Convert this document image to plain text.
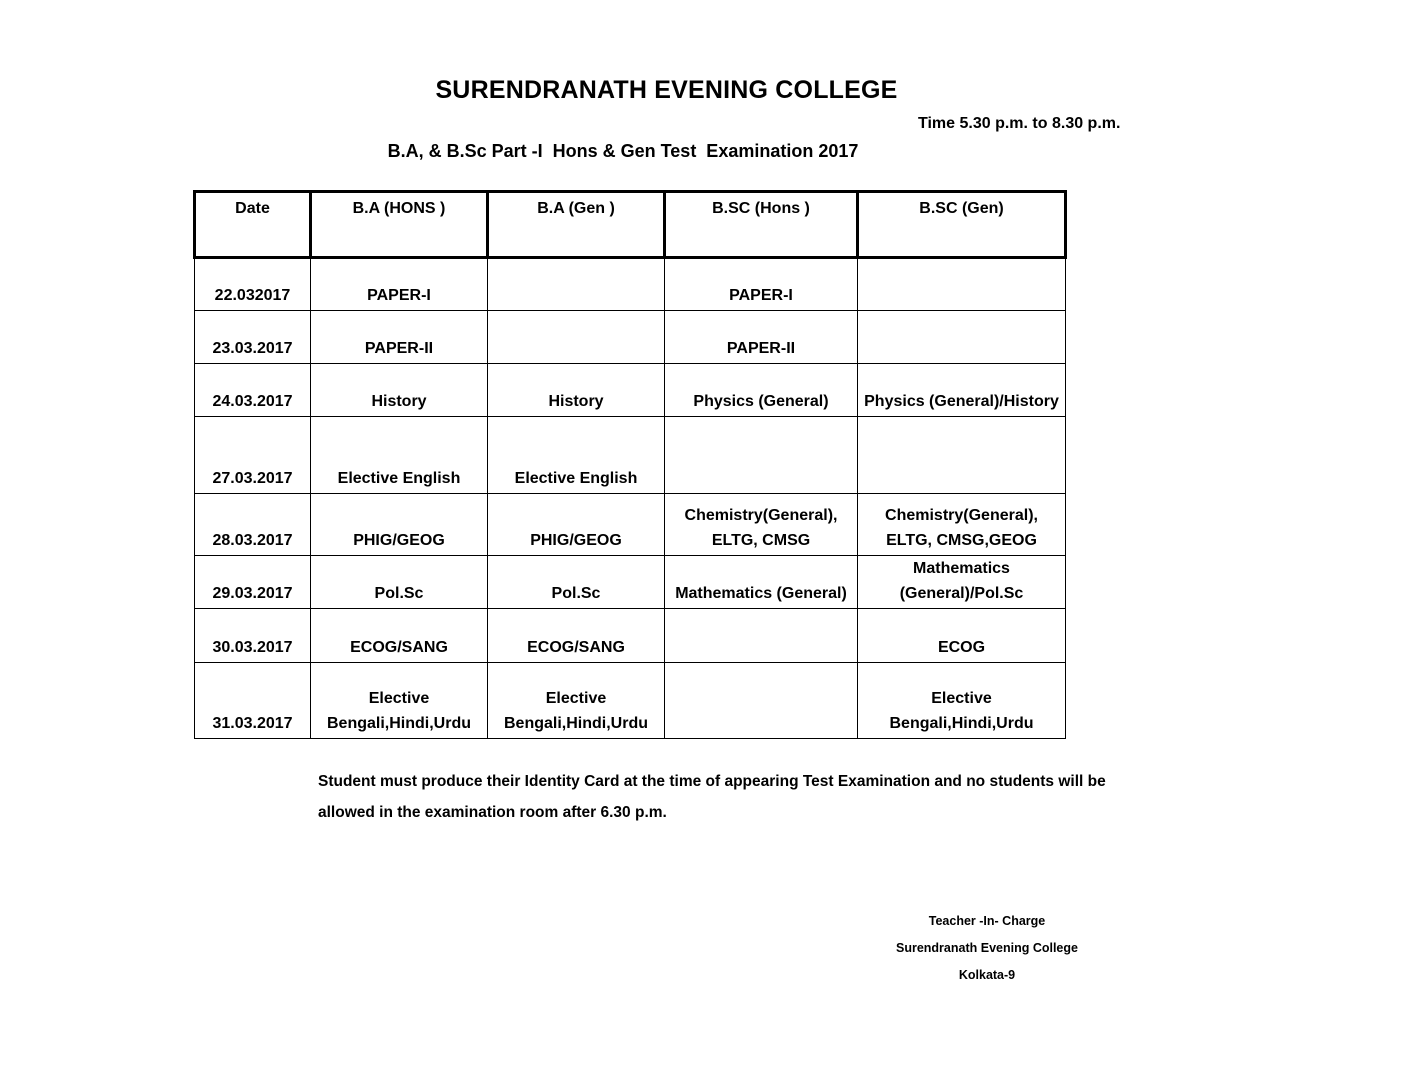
SURENDRANATH EVENING COLLEGE
Time 5.30 p.m. to 8.30 p.m.
B.A, & B.Sc Part -I  Hons & Gen Test  Examination 2017
Date	B.A (HONS )	B.A (Gen )	B.SC (Hons )	B.SC (Gen)
22.032017	PAPER-I		PAPER-I	
23.03.2017	PAPER-II		PAPER-II	
24.03.2017	History	History	Physics (General)	Physics (General)/History
27.03.2017	Elective English	Elective English		
28.03.2017	PHIG/GEOG	PHIG/GEOG	Chemistry(General), ELTG, CMSG	Chemistry(General), ELTG, CMSG,GEOG
29.03.2017	Pol.Sc	Pol.Sc	Mathematics (General)	Mathematics (General)/Pol.Sc
30.03.2017	ECOG/SANG	ECOG/SANG		ECOG
31.03.2017	Elective Bengali,Hindi,Urdu	Elective Bengali,Hindi,Urdu		Elective Bengali,Hindi,Urdu
Student must produce their Identity Card at the time of appearing Test Examination and no students will be allowed in the examination room after 6.30 p.m.
Teacher -In- Charge
Surendranath Evening College
Kolkata-9
